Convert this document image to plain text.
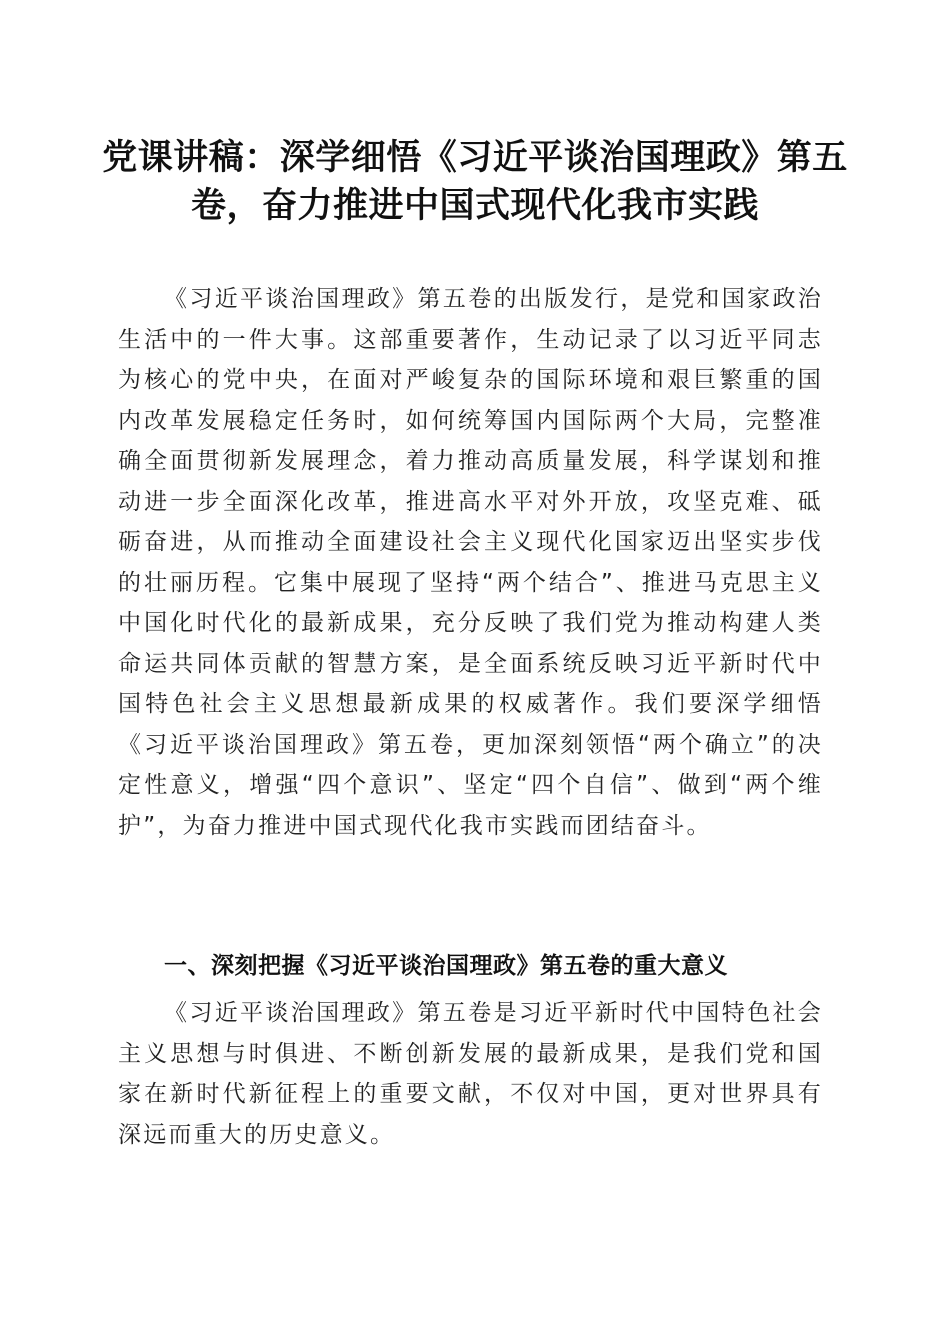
党课讲稿：深学细悟《习近平谈治国理政》第五卷，奋力推进中国式现代化我市实践

《习近平谈治国理政》第五卷的出版发行，是党和国家政治生活中的一件大事。这部重要著作，生动记录了以习近平同志为核心的党中央，在面对严峻复杂的国际环境和艰巨繁重的国内改革发展稳定任务时，如何统筹国内国际两个大局，完整准确全面贯彻新发展理念，着力推动高质量发展，科学谋划和推动进一步全面深化改革，推进高水平对外开放，攻坚克难、砥砺奋进，从而推动全面建设社会主义现代化国家迈出坚实步伐的壮丽历程。它集中展现了坚持“两个结合”、推进马克思主义中国化时代化的最新成果，充分反映了我们党为推动构建人类命运共同体贡献的智慧方案，是全面系统反映习近平新时代中国特色社会主义思想最新成果的权威著作。我们要深学细悟《习近平谈治国理政》第五卷，更加深刻领悟“两个确立”的决定性意义，增强“四个意识”、坚定“四个自信”、做到“两个维护”，为奋力推进中国式现代化我市实践而团结奋斗。

一、深刻把握《习近平谈治国理政》第五卷的重大意义

《习近平谈治国理政》第五卷是习近平新时代中国特色社会主义思想与时俱进、不断创新发展的最新成果，是我们党和国家在新时代新征程上的重要文献，不仅对中国，更对世界具有深远而重大的历史意义。
